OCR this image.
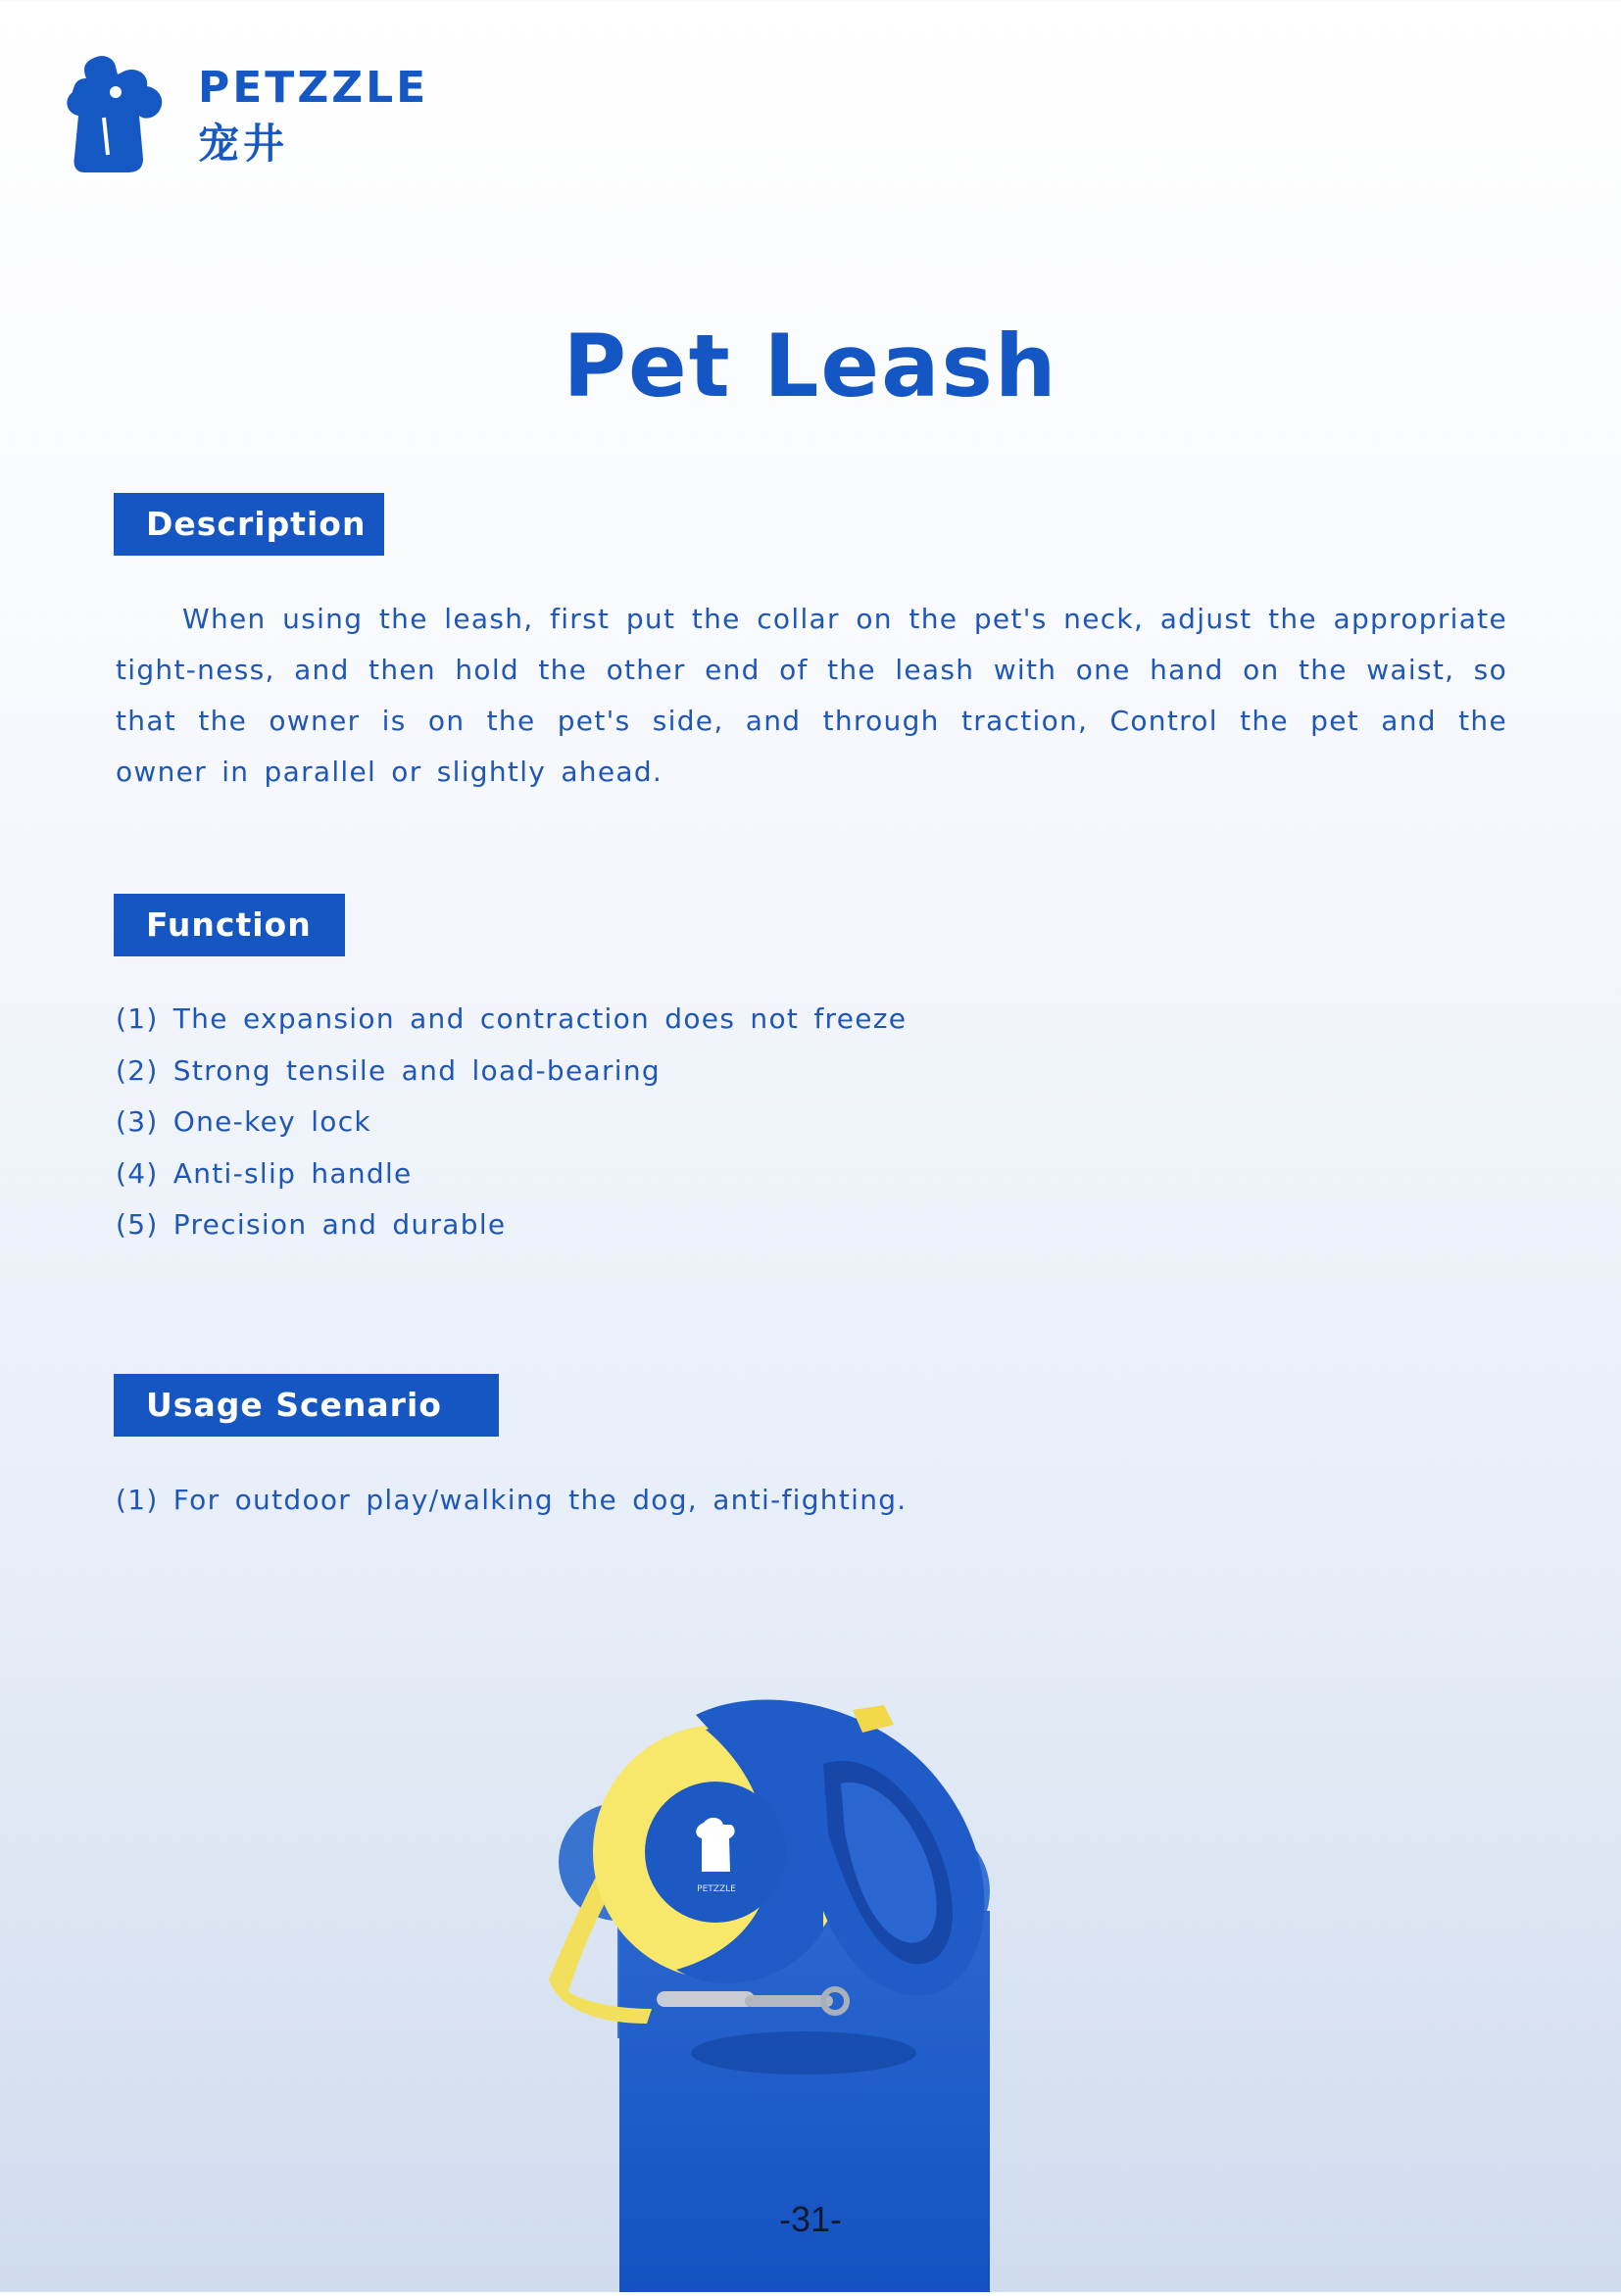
PETZZLE
宠井
Pet Leash
Description

When using the leash, first put the collar on the pet's neck, adjust the appropriate tight-ness, and then hold the other end of the leash with one hand on the waist, so that the owner is on the pet's side, and through traction, Control the pet and the owner in parallel or slightly ahead.

Function
(1) The expansion and contraction does not freeze
(2) Strong tensile and load-bearing
(3) One-key lock
(4) Anti-slip handle
(5) Precision and durable
Usage Scenario
(1) For outdoor play/walking the dog, anti-fighting.
PETZZLE
-31-
